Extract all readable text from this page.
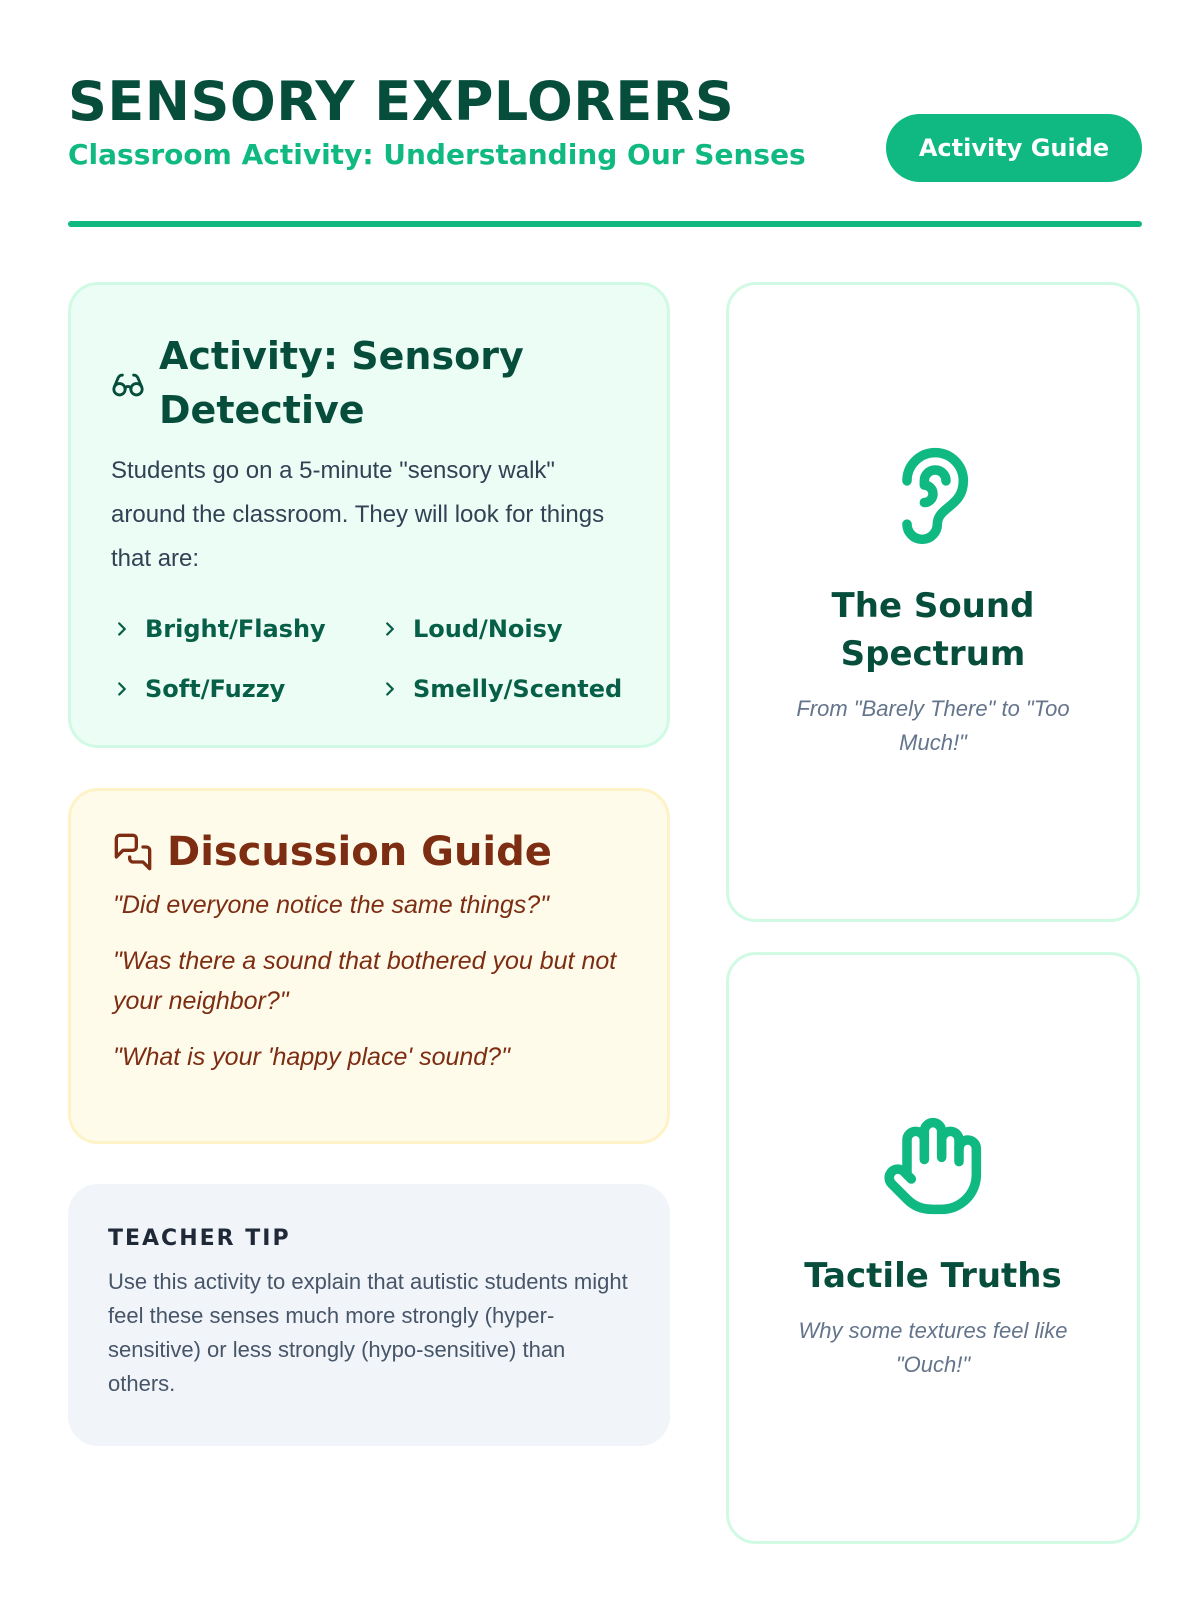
SENSORY EXPLORERS
Classroom Activity: Understanding Our Senses	Activity Guide
Activity: Sensory Detective

Students go on a 5-minute "sensory walk" around the classroom. They will look for things that are:

Bright/Flashy	Loud/Noisy
Soft/Fuzzy	Smelly/Scented
Discussion Guide

"Did everyone notice the same things?"

"Was there a sound that bothered you but not your neighbor?"

"What is your 'happy place' sound?"

TEACHER TIP

Use this activity to explain that autistic students might feel these senses much more strongly (hyper-sensitive) or less strongly (hypo-sensitive) than others.

The Sound Spectrum

From "Barely There" to "Too Much!"

Tactile Truths

Why some textures feel like "Ouch!"
